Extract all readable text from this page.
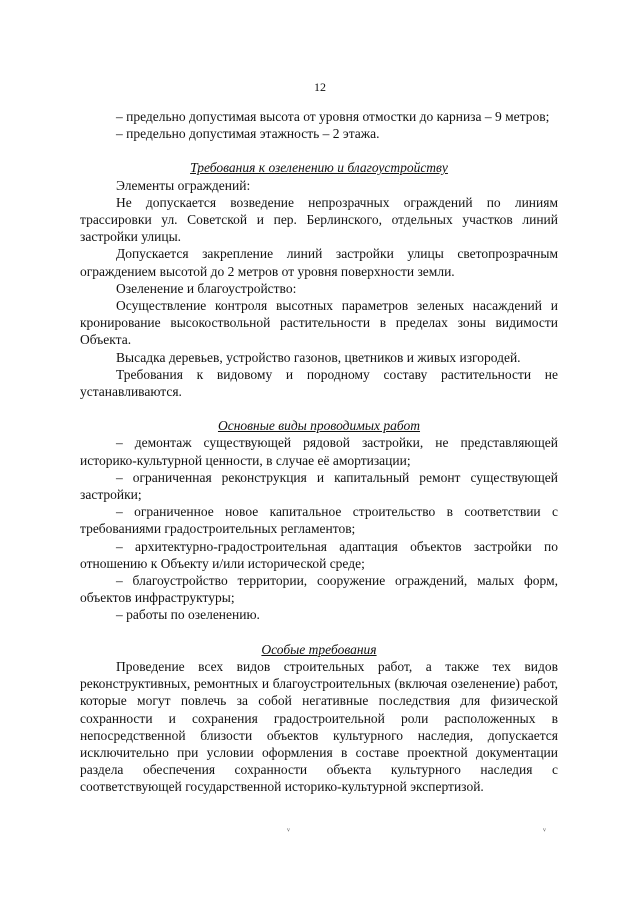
12

– предельно допустимая высота от уровня отмостки до карниза – 9 метров;

– предельно допустимая этажность – 2 этажа.

Требования к озеленению и благоустройству

Элементы ограждений:

Не допускается возведение непрозрачных ограждений по линиям трассировки ул. Советской и пер. Берлинского, отдельных участков линий застройки улицы.

Допускается закрепление линий застройки улицы светопрозрачным ограждением высотой до 2 метров от уровня поверхности земли.

Озеленение и благоустройство:

Осуществление контроля высотных параметров зеленых насаждений и кронирование высокоствольной растительности в пределах зоны видимости Объекта.

Высадка деревьев, устройство газонов, цветников и живых изгородей.

Требования к видовому и породному составу растительности не устанавливаются.

Основные виды проводимых работ

– демонтаж существующей рядовой застройки, не представляющей историко-культурной ценности, в случае её амортизации;

– ограниченная реконструкция и капитальный ремонт существующей застройки;

– ограниченное новое капитальное строительство в соответствии с требованиями градостроительных регламентов;

– архитектурно-градостроительная адаптация объектов застройки по отношению к Объекту и/или исторической среде;

– благоустройство территории, сооружение ограждений, малых форм, объектов инфраструктуры;

– работы по озеленению.

Особые требования

Проведение всех видов строительных работ, а также тех видов реконструктивных, ремонтных и благоустроительных (включая озеленение) работ, которые могут повлечь за собой негативные последствия для физической сохранности и сохранения градостроительной роли расположенных в непосредственной близости объектов культурного наследия, допускается исключительно при условии оформления в составе проектной документации раздела обеспечения сохранности объекта культурного наследия с соответствующей государственной историко-культурной экспертизой.

ᵛ	ᵛ
